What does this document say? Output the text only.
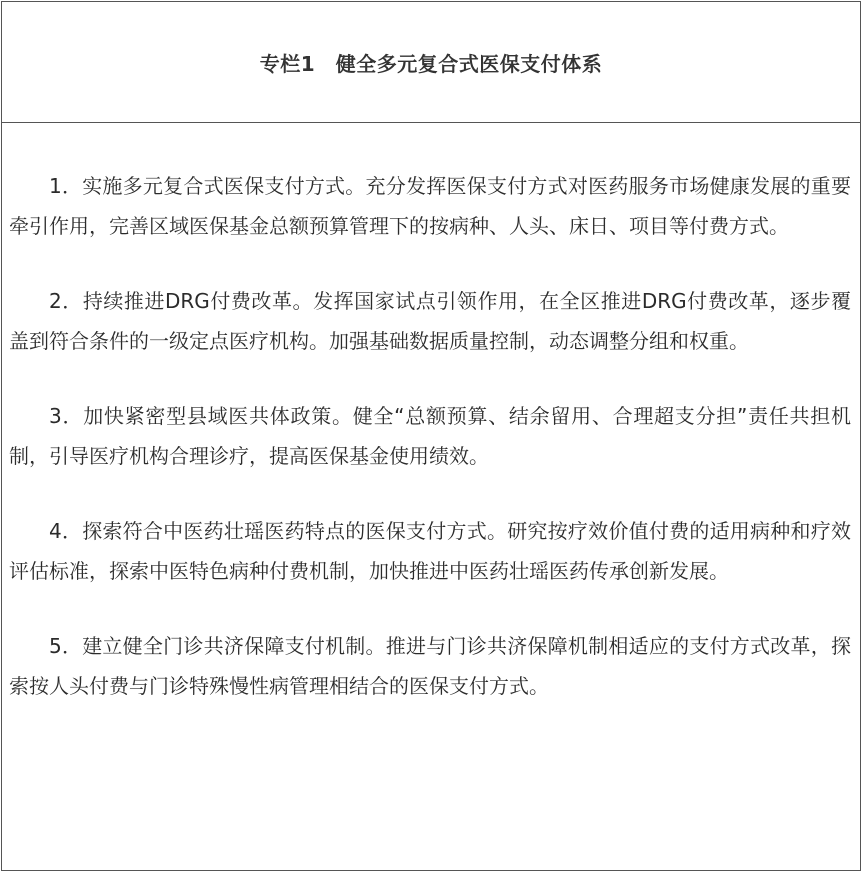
专栏1　健全多元复合式医保支付体系

1．实施多元复合式医保支付方式。充分发挥医保支付方式对医药服务市场健康发展的重要牵引作用，完善区域医保基金总额预算管理下的按病种、人头、床日、项目等付费方式。

2．持续推进DRG付费改革。发挥国家试点引领作用，在全区推进DRG付费改革，逐步覆盖到符合条件的一级定点医疗机构。加强基础数据质量控制，动态调整分组和权重。

3．加快紧密型县域医共体政策。健全“总额预算、结余留用、合理超支分担”责任共担机制，引导医疗机构合理诊疗，提高医保基金使用绩效。

4．探索符合中医药壮瑶医药特点的医保支付方式。研究按疗效价值付费的适用病种和疗效评估标准，探索中医特色病种付费机制，加快推进中医药壮瑶医药传承创新发展。

5．建立健全门诊共济保障支付机制。推进与门诊共济保障机制相适应的支付方式改革，探索按人头付费与门诊特殊慢性病管理相结合的医保支付方式。
